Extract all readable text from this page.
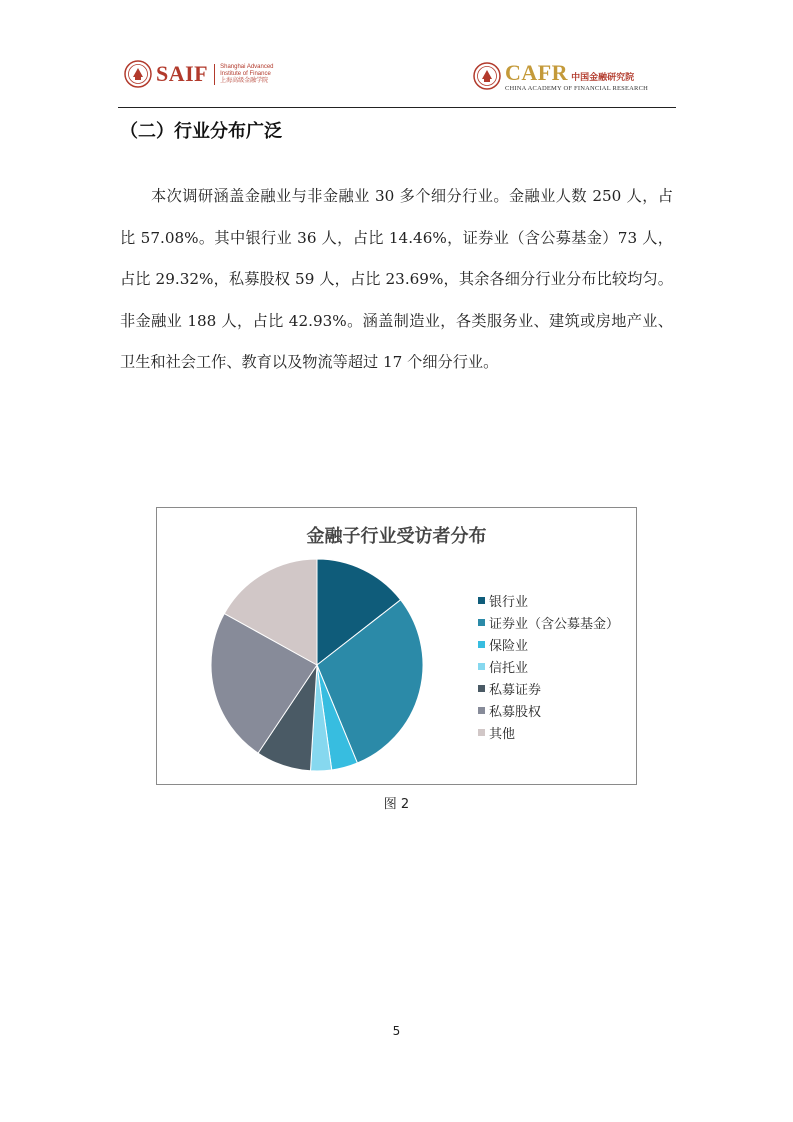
SAIF Shanghai Advanced
Institute of Finance
上海高级金融学院	CAFR 中国金融研究院
CHINA ACADEMY OF FINANCIAL RESEARCH
（二）行业分布广泛
本次调研涵盖金融业与非金融业 30 多个细分行业。金融业人数 250 人，占比 57.08%。其中银行业 36 人，占比 14.46%，证券业（含公募基金）73 人，占比 29.32%，私募股权 59 人，占比 23.69%，其余各细分行业分布比较均匀。非金融业 188 人，占比 42.93%。涵盖制造业，各类服务业、建筑或房地产业、卫生和社会工作、教育以及物流等超过 17 个细分行业。
金融子行业受访者分布
银行业
证券业（含公募基金）
保险业
信托业
私募证券
私募股权
其他
图 2
5
